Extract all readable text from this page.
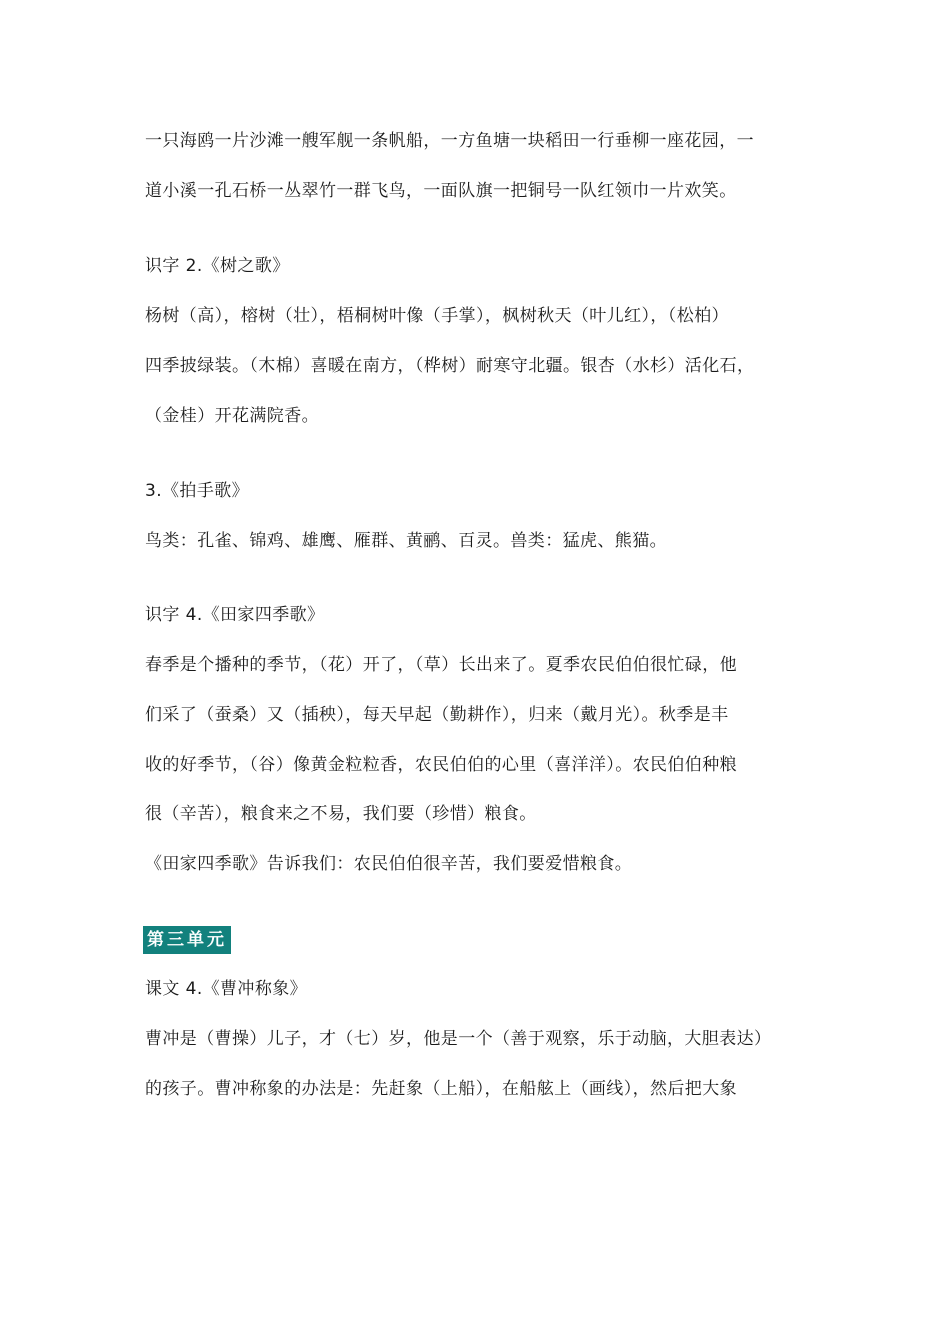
一只海鸥一片沙滩一艘军舰一条帆船，一方鱼塘一块稻田一行垂柳一座花园，一
道小溪一孔石桥一丛翠竹一群飞鸟，一面队旗一把铜号一队红领巾一片欢笑。
识字 2.《树之歌》
杨树（高），榕树（壮），梧桐树叶像（手掌），枫树秋天（叶儿红），（松柏）
四季披绿装。（木棉）喜暖在南方，（桦树）耐寒守北疆。银杏（水杉）活化石，
（金桂）开花满院香。
3.《拍手歌》
鸟类：孔雀、锦鸡、雄鹰、雁群、黄鹂、百灵。兽类：猛虎、熊猫。
识字 4.《田家四季歌》
春季是个播种的季节，（花）开了，（草）长出来了。夏季农民伯伯很忙碌，他
们采了（蚕桑）又（插秧），每天早起（勤耕作），归来（戴月光）。秋季是丰
收的好季节，（谷）像黄金粒粒香，农民伯伯的心里（喜洋洋）。农民伯伯种粮
很（辛苦），粮食来之不易，我们要（珍惜）粮食。
《田家四季歌》告诉我们：农民伯伯很辛苦，我们要爱惜粮食。
第三单元
课文 4.《曹冲称象》
曹冲是（曹操）儿子，才（七）岁，他是一个（善于观察，乐于动脑，大胆表达）
的孩子。曹冲称象的办法是：先赶象（上船），在船舷上（画线），然后把大象
